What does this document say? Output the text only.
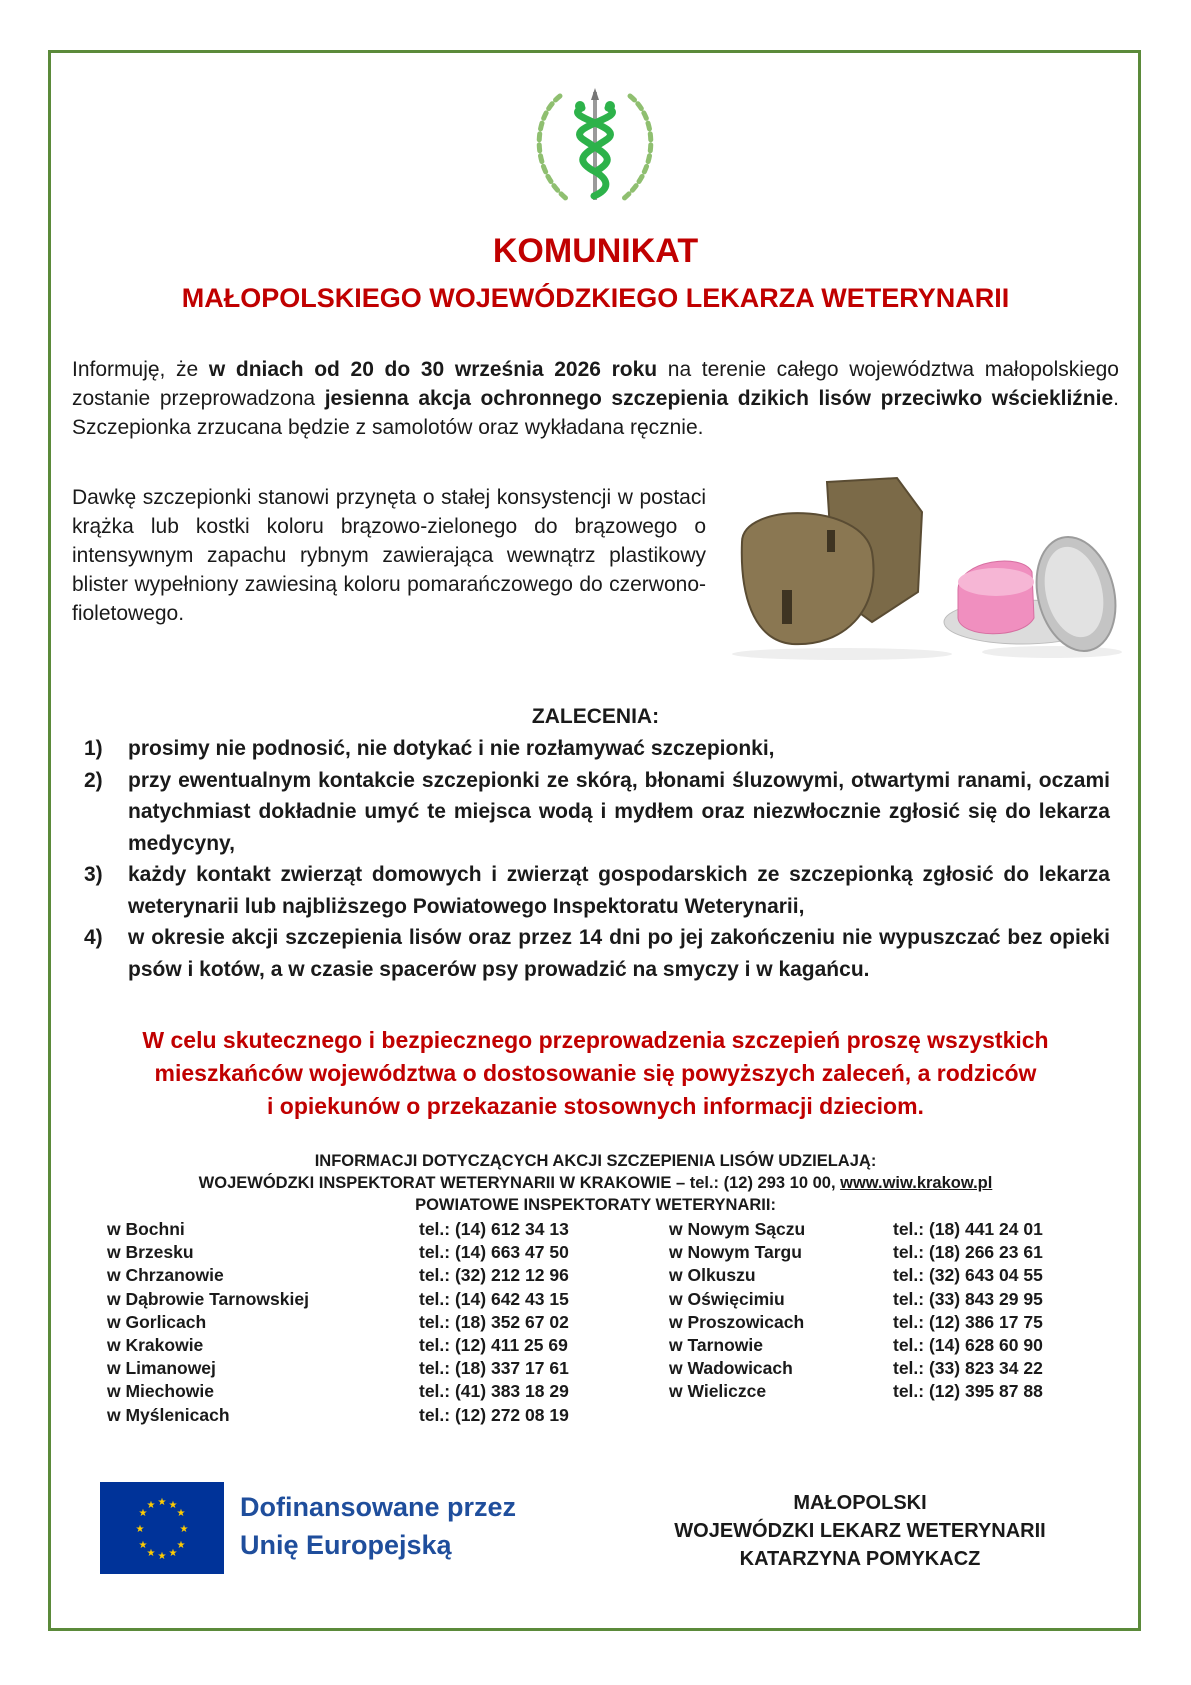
KOMUNIKAT
MAŁOPOLSKIEGO WOJEWÓDZKIEGO LEKARZA WETERYNARII
Informuję, że w dniach od 20 do 30 września 2026 roku na terenie całego województwa małopolskiego zostanie przeprowadzona jesienna akcja ochronnego szczepienia dzikich lisów przeciwko wściekliźnie. Szczepionka zrzucana będzie z samolotów oraz wykładana ręcznie.
Dawkę szczepionki stanowi przynęta o stałej konsystencji w postaci krążka lub kostki koloru brązowo-zielonego do brązowego o intensywnym zapachu rybnym zawierająca wewnątrz plastikowy blister wypełniony zawiesiną koloru pomarańczowego do czerwono-fioletowego.
ZALECENIA:
1) prosimy nie podnosić, nie dotykać i nie rozłamywać szczepionki,
2) przy ewentualnym kontakcie szczepionki ze skórą, błonami śluzowymi, otwartymi ranami, oczami natychmiast dokładnie umyć te miejsca wodą i mydłem oraz niezwłocznie zgłosić się do lekarza medycyny,
3) każdy kontakt zwierząt domowych i zwierząt gospodarskich ze szczepionką zgłosić do lekarza weterynarii lub najbliższego Powiatowego Inspektoratu Weterynarii,
4) w okresie akcji szczepienia lisów oraz przez 14 dni po jej zakończeniu nie wypuszczać bez opieki psów i kotów, a w czasie spacerów psy prowadzić na smyczy i w kagańcu.
W celu skutecznego i bezpiecznego przeprowadzenia szczepień proszę wszystkich
mieszkańców województwa o dostosowanie się powyższych zaleceń, a rodziców
i opiekunów o przekazanie stosownych informacji dzieciom.
INFORMACJI DOTYCZĄCYCH AKCJI SZCZEPIENIA LISÓW UDZIELAJĄ:
WOJEWÓDZKI INSPEKTORAT WETERYNARII W KRAKOWIE – tel.: (12) 293 10 00, www.wiw.krakow.pl
POWIATOWE INSPEKTORATY WETERYNARII:
w Bochni
w Brzesku
w Chrzanowie
w Dąbrowie Tarnowskiej
w Gorlicach
w Krakowie
w Limanowej
w Miechowie
w Myślenicach
tel.: (14) 612 34 13
tel.: (14) 663 47 50
tel.: (32) 212 12 96
tel.: (14) 642 43 15
tel.: (18) 352 67 02
tel.: (12) 411 25 69
tel.: (18) 337 17 61
tel.: (41) 383 18 29
tel.: (12) 272 08 19
w Nowym Sączu
w Nowym Targu
w Olkuszu
w Oświęcimiu
w Proszowicach
w Tarnowie
w Wadowicach
w Wieliczce
tel.: (18) 441 24 01
tel.: (18) 266 23 61
tel.: (32) 643 04 55
tel.: (33) 843 29 95
tel.: (12) 386 17 75
tel.: (14) 628 60 90
tel.: (33) 823 34 22
tel.: (12) 395 87 88
★ ★
★
★
★
★
★
★
★
★
★
★	Dofinansowane przez
Unię Europejską
MAŁOPOLSKI
WOJEWÓDZKI LEKARZ WETERYNARII
KATARZYNA POMYKACZ
